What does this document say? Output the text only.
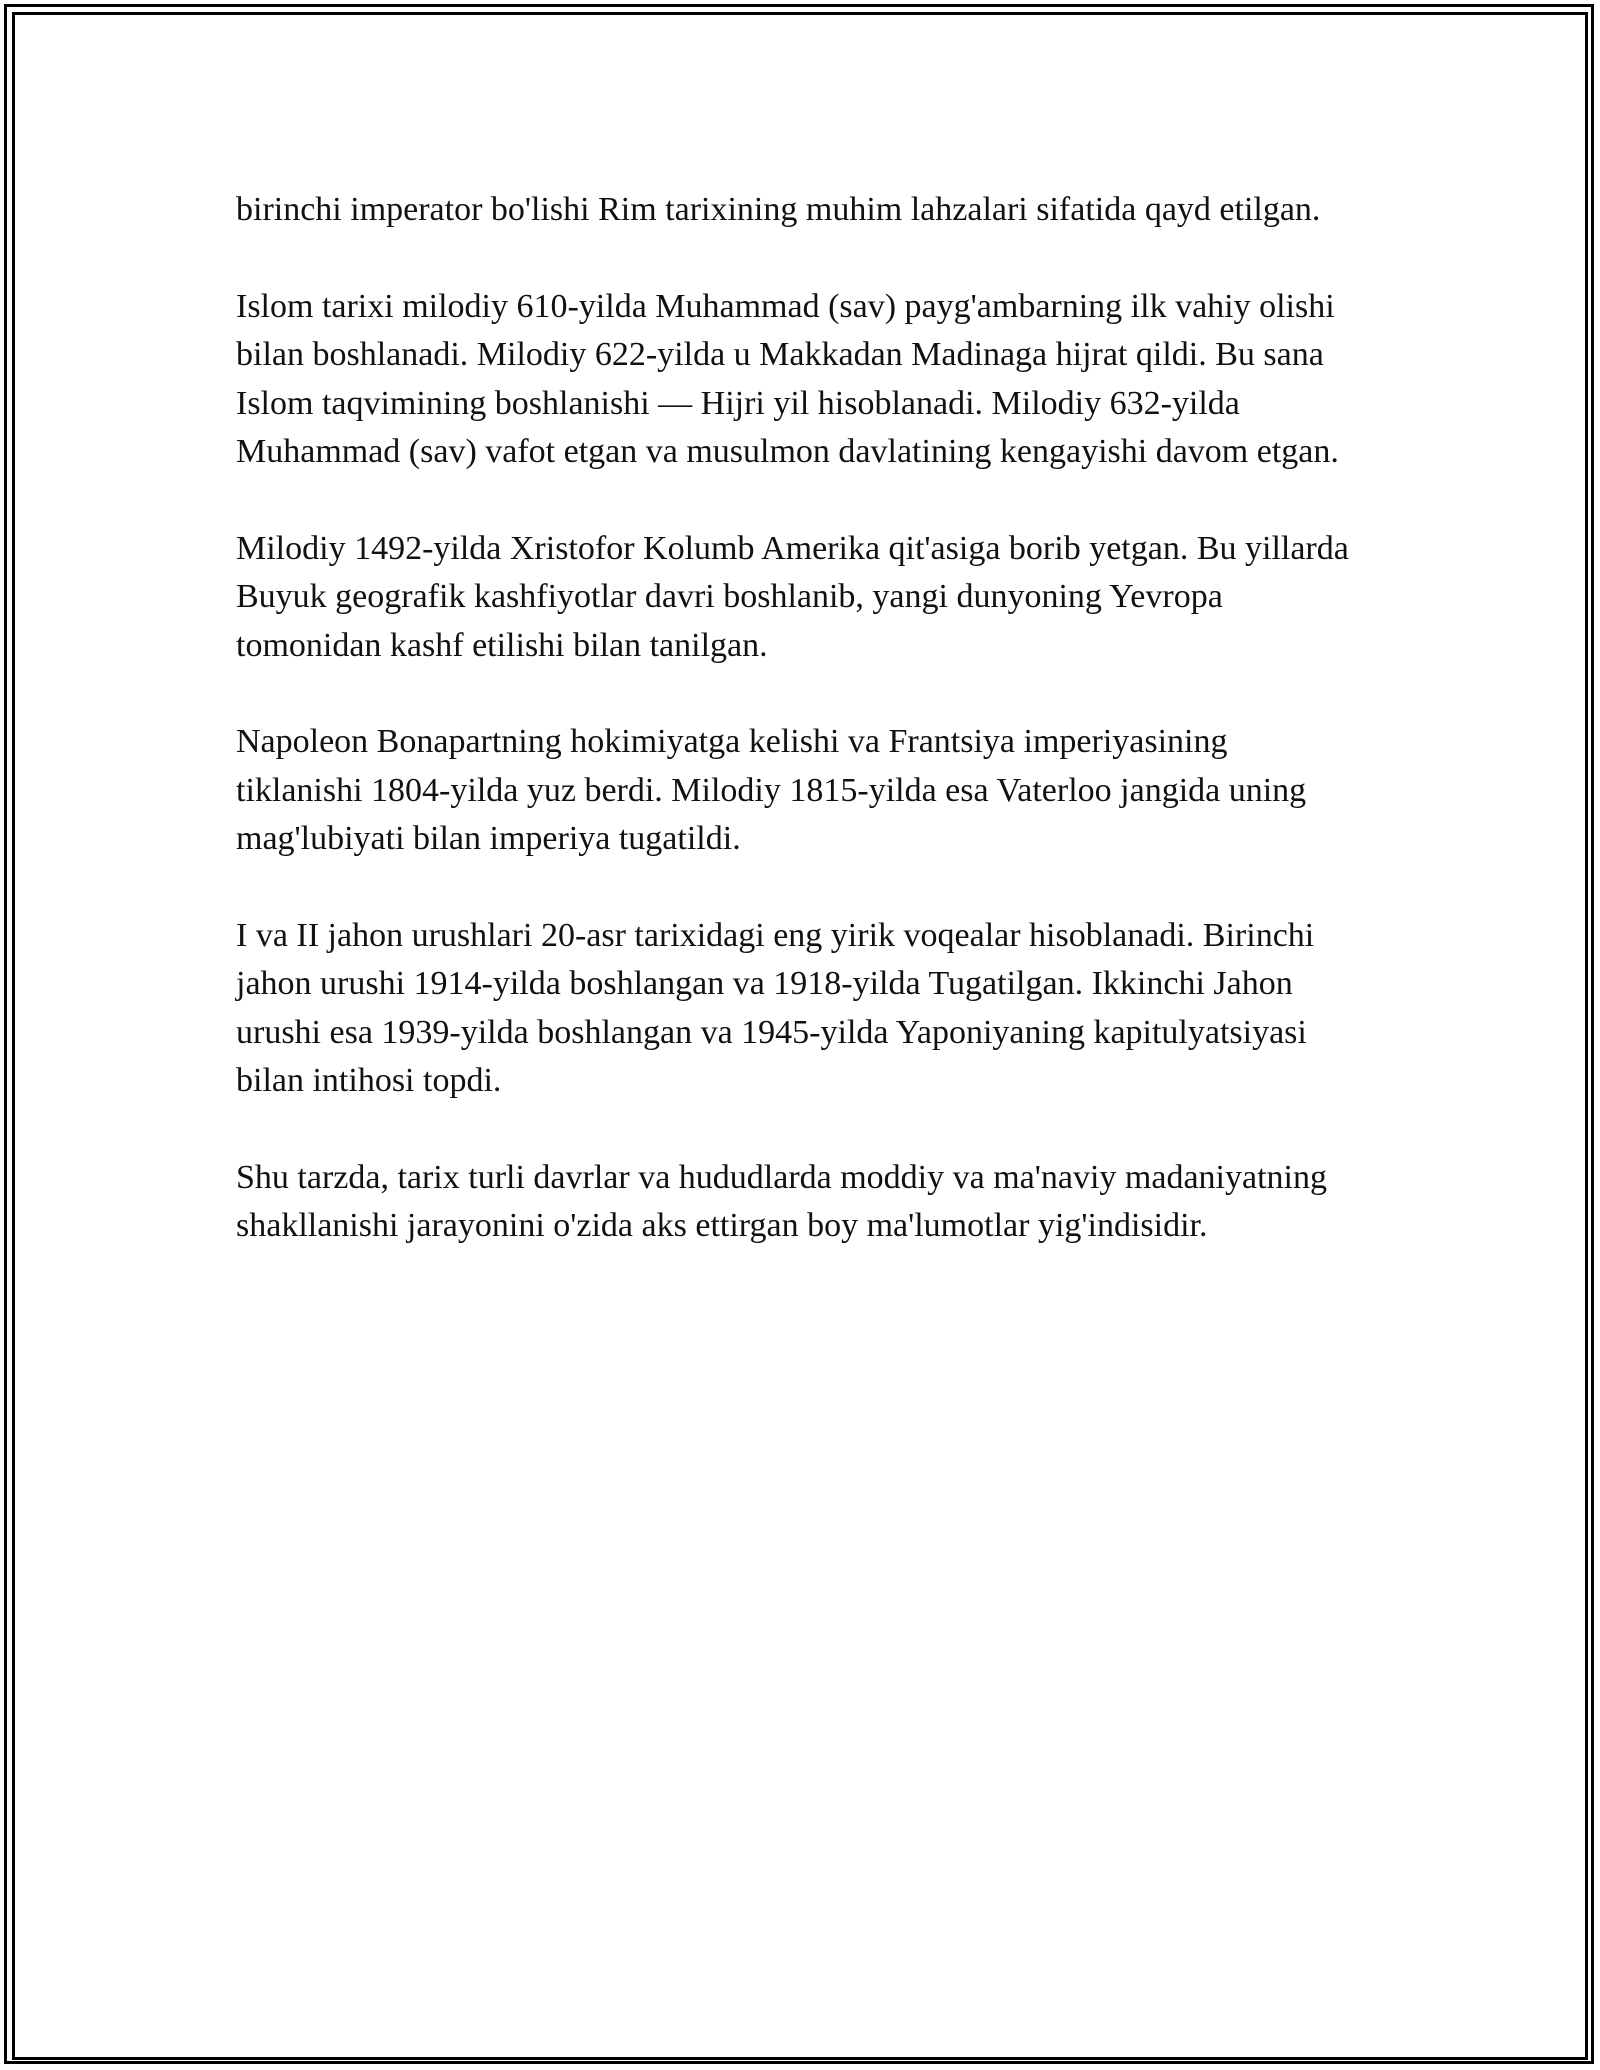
birinchi imperator bo'lishi Rim tarixining muhim lahzalari sifatida qayd etilgan.

Islom tarixi milodiy 610-yilda Muhammad (sav) payg'ambarning ilk vahiy olishi bilan boshlanadi. Milodiy 622-yilda u Makkadan Madinaga hijrat qildi. Bu sana Islom taqvimining boshlanishi — Hijri yil hisoblanadi. Milodiy 632-yilda Muhammad (sav) vafot etgan va musulmon davlatining kengayishi davom etgan.

Milodiy 1492-yilda Xristofor Kolumb Amerika qit'asiga borib yetgan. Bu yillarda Buyuk geografik kashfiyotlar davri boshlanib, yangi dunyoning Yevropa tomonidan kashf etilishi bilan tanilgan.

Napoleon Bonapartning hokimiyatga kelishi va Frantsiya imperiyasining tiklanishi 1804-yilda yuz berdi. Milodiy 1815-yilda esa Vaterloo jangida uning mag'lubiyati bilan imperiya tugatildi.

I va II jahon urushlari 20-asr tarixidagi eng yirik voqealar hisoblanadi. Birinchi jahon urushi 1914-yilda boshlangan va 1918-yilda Tugatilgan. Ikkinchi Jahon urushi esa 1939-yilda boshlangan va 1945-yilda Yaponiyaning kapitulyatsiyasi bilan intihosi topdi.

Shu tarzda, tarix turli davrlar va hududlarda moddiy va ma'naviy madaniyatning shakllanishi jarayonini o'zida aks ettirgan boy ma'lumotlar yig'indisidir.
